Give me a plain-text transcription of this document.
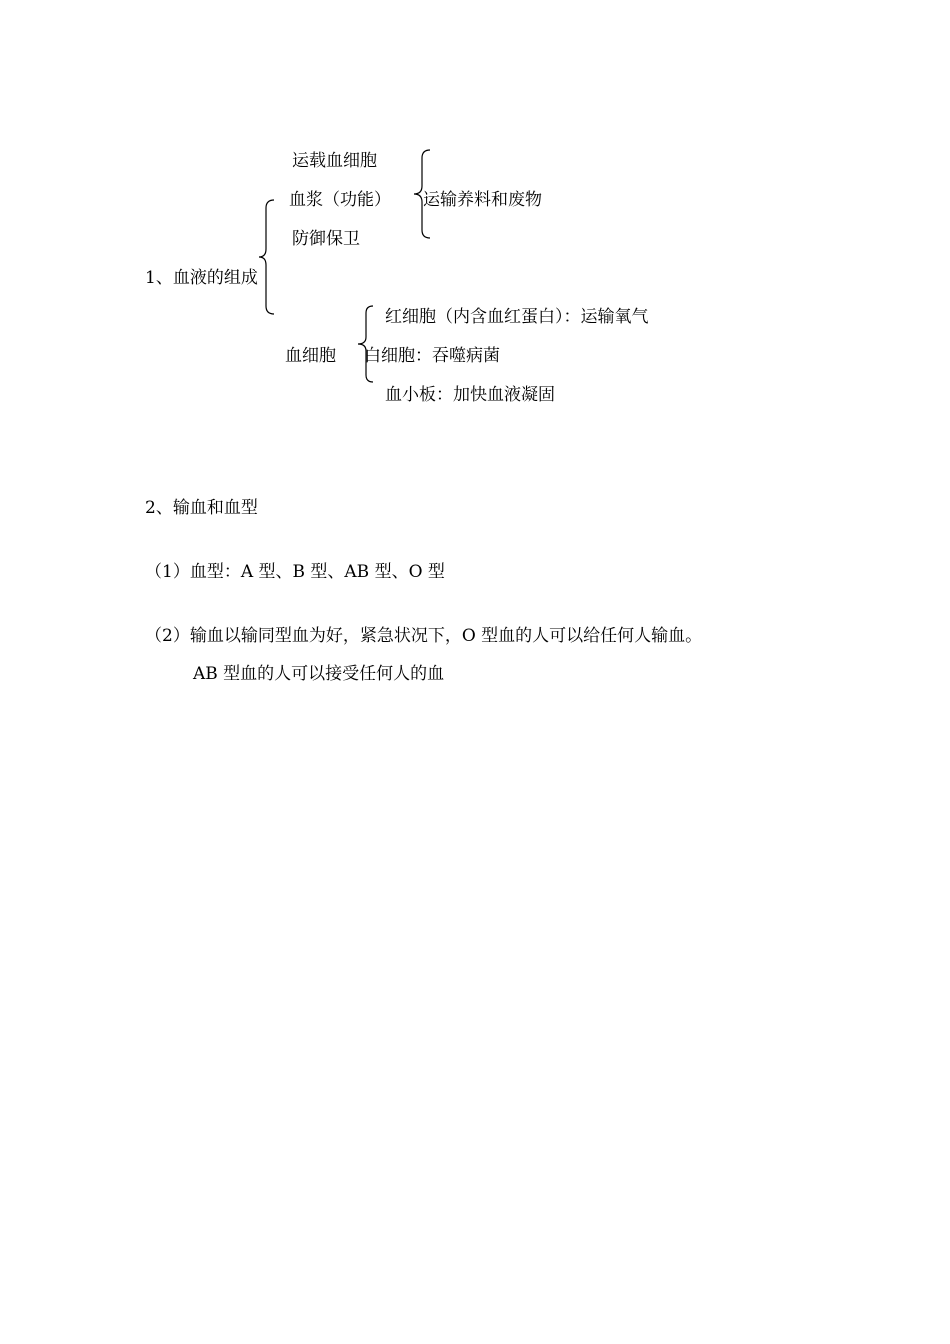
运载血细胞
血浆（功能） 运输养料和废物
防御保卫
1、血液的组成
红细胞（内含血红蛋白）：运输氧气
血细胞 白细胞：吞噬病菌
血小板：加快血液凝固
2、输血和血型
（1）血型：A 型、B 型、AB 型、O 型
（2）输血以输同型血为好，紧急状况下，O 型血的人可以给任何人输血。
AB 型血的人可以接受任何人的血
